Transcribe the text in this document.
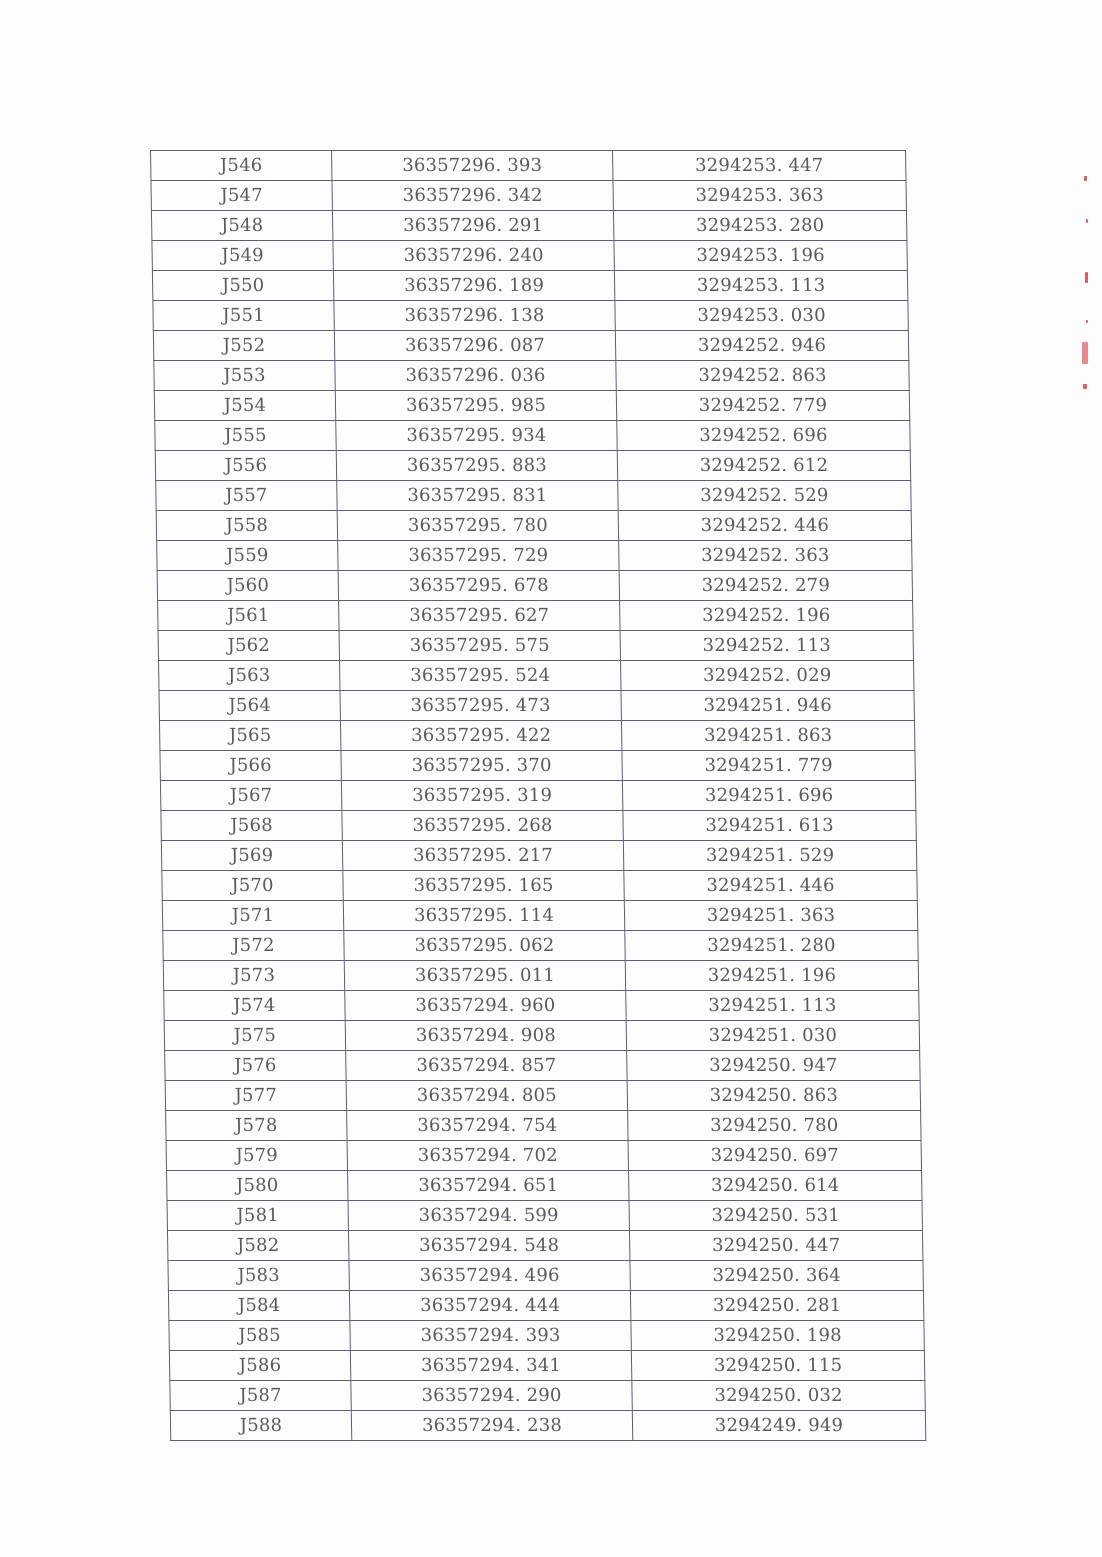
J546	36357296. 393	3294253. 447
J547	36357296. 342	3294253. 363
J548	36357296. 291	3294253. 280
J549	36357296. 240	3294253. 196
J550	36357296. 189	3294253. 113
J551	36357296. 138	3294253. 030
J552	36357296. 087	3294252. 946
J553	36357296. 036	3294252. 863
J554	36357295. 985	3294252. 779
J555	36357295. 934	3294252. 696
J556	36357295. 883	3294252. 612
J557	36357295. 831	3294252. 529
J558	36357295. 780	3294252. 446
J559	36357295. 729	3294252. 363
J560	36357295. 678	3294252. 279
J561	36357295. 627	3294252. 196
J562	36357295. 575	3294252. 113
J563	36357295. 524	3294252. 029
J564	36357295. 473	3294251. 946
J565	36357295. 422	3294251. 863
J566	36357295. 370	3294251. 779
J567	36357295. 319	3294251. 696
J568	36357295. 268	3294251. 613
J569	36357295. 217	3294251. 529
J570	36357295. 165	3294251. 446
J571	36357295. 114	3294251. 363
J572	36357295. 062	3294251. 280
J573	36357295. 011	3294251. 196
J574	36357294. 960	3294251. 113
J575	36357294. 908	3294251. 030
J576	36357294. 857	3294250. 947
J577	36357294. 805	3294250. 863
J578	36357294. 754	3294250. 780
J579	36357294. 702	3294250. 697
J580	36357294. 651	3294250. 614
J581	36357294. 599	3294250. 531
J582	36357294. 548	3294250. 447
J583	36357294. 496	3294250. 364
J584	36357294. 444	3294250. 281
J585	36357294. 393	3294250. 198
J586	36357294. 341	3294250. 115
J587	36357294. 290	3294250. 032
J588	36357294. 238	3294249. 949
